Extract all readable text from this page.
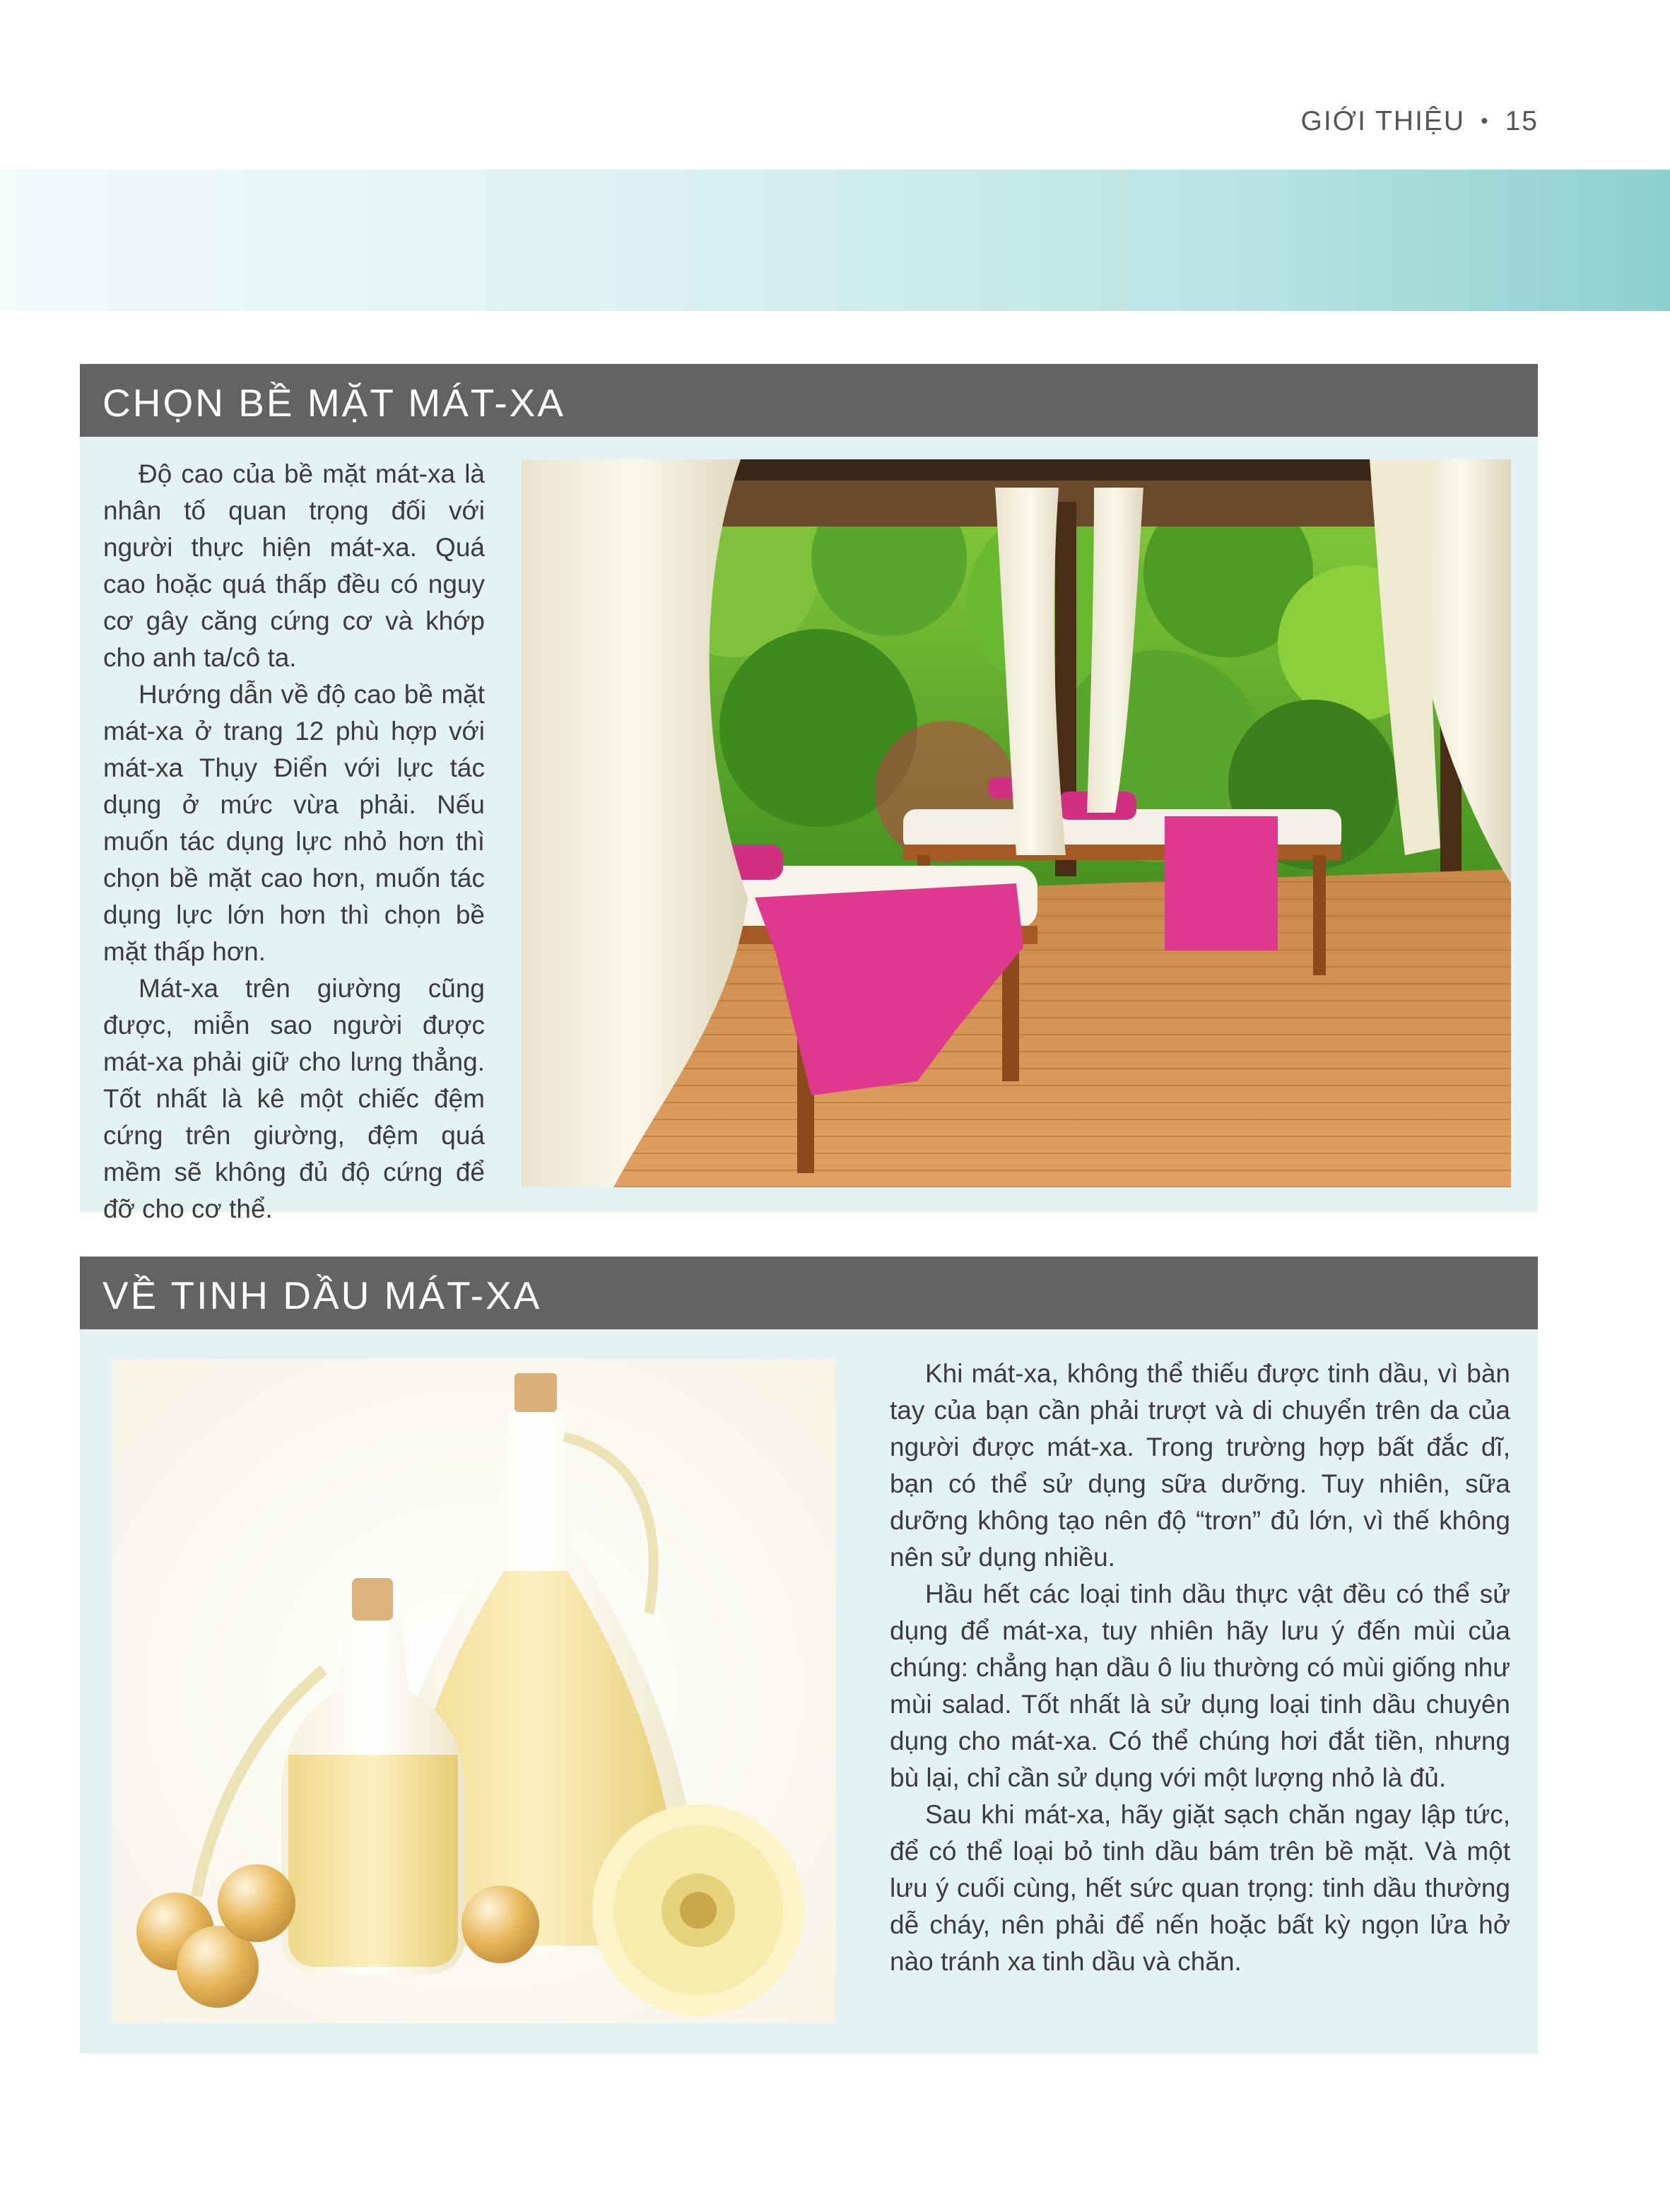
GIỚI THIỆU • 15
CHỌN BỀ MẶT MÁT-XA

Độ cao của bề mặt mát-xa là nhân tố quan trọng đối với người thực hiện mát-xa. Quá cao hoặc quá thấp đều có nguy cơ gây căng cứng cơ và khớp cho anh ta/cô ta.

Hướng dẫn về độ cao bề mặt mát-xa ở trang 12 phù hợp với mát-xa Thụy Điển với lực tác dụng ở mức vừa phải. Nếu muốn tác dụng lực nhỏ hơn thì chọn bề mặt cao hơn, muốn tác dụng lực lớn hơn thì chọn bề mặt thấp hơn.

Mát-xa trên giường cũng được, miễn sao người được mát-xa phải giữ cho lưng thẳng. Tốt nhất là kê một chiếc đệm cứng trên giường, đệm quá mềm sẽ không đủ độ cứng để đỡ cho cơ thể.

VỀ TINH DẦU MÁT-XA

Khi mát-xa, không thể thiếu được tinh dầu, vì bàn tay của bạn cần phải trượt và di chuyển trên da của người được mát-xa. Trong trường hợp bất đắc dĩ, bạn có thể sử dụng sữa dưỡng. Tuy nhiên, sữa dưỡng không tạo nên độ “trơn” đủ lớn, vì thế không nên sử dụng nhiều.

Hầu hết các loại tinh dầu thực vật đều có thể sử dụng để mát-xa, tuy nhiên hãy lưu ý đến mùi của chúng: chẳng hạn dầu ô liu thường có mùi giống như mùi salad. Tốt nhất là sử dụng loại tinh dầu chuyên dụng cho mát-xa. Có thể chúng hơi đắt tiền, nhưng bù lại, chỉ cần sử dụng với một lượng nhỏ là đủ.

Sau khi mát-xa, hãy giặt sạch chăn ngay lập tức, để có thể loại bỏ tinh dầu bám trên bề mặt. Và một lưu ý cuối cùng, hết sức quan trọng: tinh dầu thường dễ cháy, nên phải để nến hoặc bất kỳ ngọn lửa hở nào tránh xa tinh dầu và chăn.
